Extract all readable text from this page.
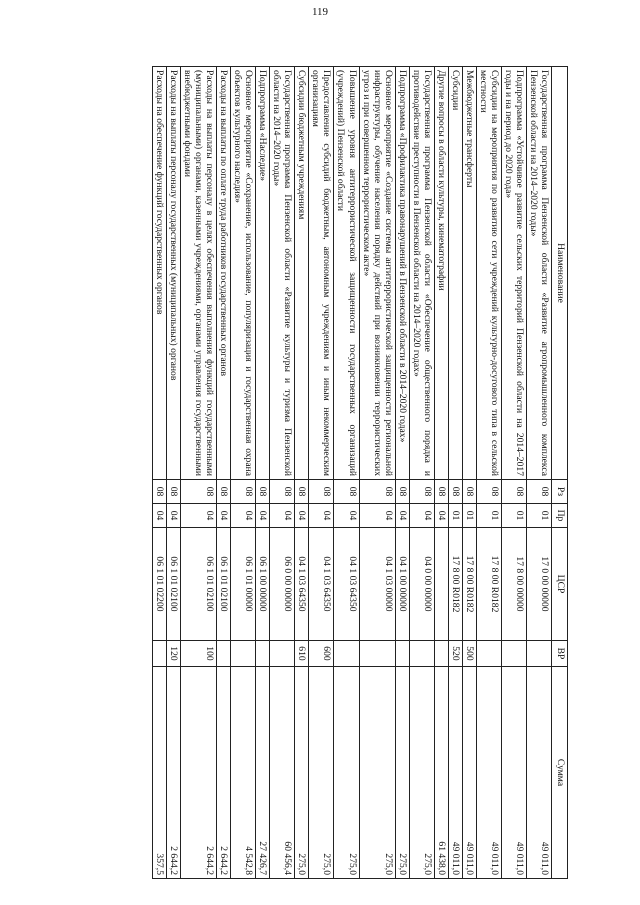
119
Наименование	Рз	Пр	ЦСР	ВР	Сумма
Государственная программа Пензенской области «Развитие агропромышленного комплекса Пензенской области на 2014–2020 годы»	08	01	17 0 00 00000		49 011,0
Подпрограмма «Устойчивое развитие сельских территорий Пензенской области на 2014–2017 годы и на период до 2020 года»	08	01	17 8 00 00000		49 011,0
Субсидии на мероприятия по развитию сети учреждений культурно-досугового типа в сельской местности	08	01	17 8 00 R0182		49 011,0
Межбюджетные трансферты	08	01	17 8 00 R0182	500	49 011,0
Субсидии	08	01	17 8 00 R0182	520	49 011,0
Другие вопросы в области культуры, кинематографии	08	04			61 438,0
Государственная программа Пензенской области «Обеспечение общественного порядка и противодействие преступности в Пензенской области на 2014–2020 годах»	08	04	04 0 00 00000		275,0
Подпрограмма «Профилактика правонарушений в Пензенской области в 2014–2020 годах»	08	04	04 1 00 00000		275,0
Основное мероприятие «Создание системы антитеррористической защищенности региональной инфраструктуры, обучение населения порядку действий при возникновении террористических угроз и при совершенном террористическом акте»	08	04	04 1 03 00000		275,0
Повышение уровня антитеррористической защищенности государственных организаций (учреждений) Пензенской области	08	04	04 1 03 64350		275,0
Предоставление субсидий бюджетным, автономным учреждениям и иным некоммерческим организациям	08	04	04 1 03 64350	600	275,0
Субсидии бюджетным учреждениям	08	04	04 1 03 64350	610	275,0
Государственная программа Пензенской области «Развитие культуры и туризма Пензенской области на 2014–2020 годы»	08	04	06 0 00 00000		60 456,4
Подпрограмма «Наследие»	08	04	06 1 00 00000		27 426,7
Основное мероприятие «Сохранение, использование, популяризация и государственная охрана объектов культурного наследия»	08	04	06 1 01 00000		4 542,8
Расходы на выплаты по оплате труда работников государственных органов	08	04	06 1 01 02100		2 644,2
Расходы на выплаты персоналу в целях обеспечения выполнения функций государственными (муниципальными) органами, казенными учреждениями, органами управления государственными внебюджетными фондами	08	04	06 1 01 02100	100	2 644,2
Расходы на выплаты персоналу государственных (муниципальных) органов	08	04	06 1 01 02100	120	2 644,2
Расходы на обеспечение функций государственных органов	08	04	06 1 01 02200		357,5
